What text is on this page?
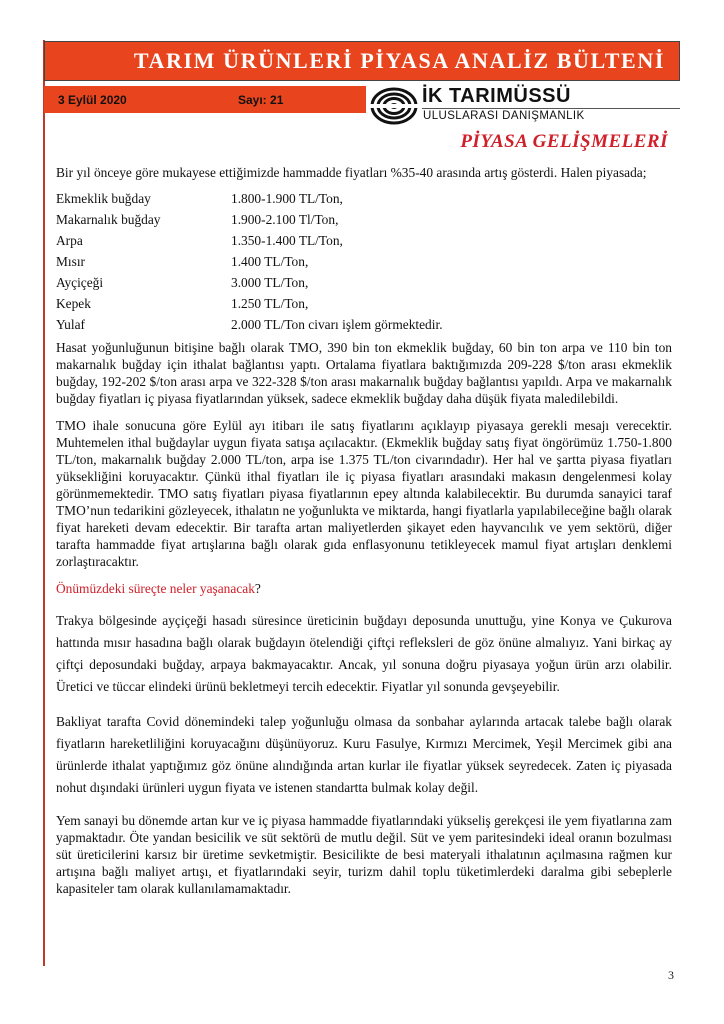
TARIM ÜRÜNLERİ PİYASA ANALİZ BÜLTENİ
3 Eylül 2020	Sayı: 21	İK TARIMÜSSÜ
ULUSLARASI DANIŞMANLIK
PİYASA GELİŞMELERİ

Bir yıl önceye göre mukayese ettiğimizde hammadde fiyatları %35-40 arasında artış gösterdi. Halen piyasada;

Ekmeklik buğday	1.800-1.900 TL/Ton,
Makarnalık buğday	1.900-2.100 Tl/Ton,
Arpa	1.350-1.400 TL/Ton,
Mısır	1.400 TL/Ton,
Ayçiçeği	3.000 TL/Ton,
Kepek	1.250 TL/Ton,
Yulaf	2.000 TL/Ton civarı işlem görmektedir.

Hasat yoğunluğunun bitişine bağlı olarak TMO, 390 bin ton ekmeklik buğday, 60 bin ton arpa ve 110 bin ton makarnalık buğday için ithalat bağlantısı yaptı. Ortalama fiyatlara baktığımızda 209-228 $/ton arası ekmeklik buğday, 192-202 $/ton arası arpa ve 322-328 $/ton arası makarnalık buğday bağlantısı yapıldı. Arpa ve makarnalık buğday fiyatları iç piyasa fiyatlarından yüksek, sadece ekmeklik buğday daha düşük fiyata maledilebildi.

TMO ihale sonucuna göre Eylül ayı itibarı ile satış fiyatlarını açıklayıp piyasaya gerekli mesajı verecektir. Muhtemelen ithal buğdaylar uygun fiyata satışa açılacaktır. (Ekmeklik buğday satış fiyat öngörümüz 1.750-1.800 TL/ton, makarnalık buğday 2.000 TL/ton, arpa ise 1.375 TL/ton civarındadır). Her hal ve şartta piyasa fiyatları yüksekliğini koruyacaktır. Çünkü ithal fiyatları ile iç piyasa fiyatları arasındaki makasın dengelenmesi kolay görünmemektedir. TMO satış fiyatları piyasa fiyatlarının epey altında kalabilecektir. Bu durumda sanayici taraf TMO’nun tedarikini gözleyecek, ithalatın ne yoğunlukta ve miktarda, hangi fiyatlarla yapılabileceğine bağlı olarak fiyat hareketi devam edecektir. Bir tarafta artan maliyetlerden şikayet eden hayvancılık ve yem sektörü, diğer tarafta hammadde fiyat artışlarına bağlı olarak gıda enflasyonunu tetikleyecek mamul fiyat artışları denklemi zorlaştıracaktır.

Önümüzdeki süreçte neler yaşanacak?

Trakya bölgesinde ayçiçeği hasadı süresince üreticinin buğdayı deposunda unuttuğu, yine Konya ve Çukurova hattında mısır hasadına bağlı olarak buğdayın ötelendiği çiftçi refleksleri de göz önüne almalıyız. Yani birkaç ay çiftçi deposundaki buğday, arpaya bakmayacaktır. Ancak, yıl sonuna doğru piyasaya yoğun ürün arzı olabilir. Üretici ve tüccar elindeki ürünü bekletmeyi tercih edecektir. Fiyatlar yıl sonunda gevşeyebilir.

Bakliyat tarafta Covid dönemindeki talep yoğunluğu olmasa da sonbahar aylarında artacak talebe bağlı olarak fiyatların hareketliliğini koruyacağını düşünüyoruz. Kuru Fasulye, Kırmızı Mercimek, Yeşil Mercimek gibi ana ürünlerde ithalat yaptığımız göz önüne alındığında artan kurlar ile fiyatlar yüksek seyredecek. Zaten iç piyasada nohut dışındaki ürünleri uygun fiyata ve istenen standartta bulmak kolay değil.

Yem sanayi bu dönemde artan kur ve iç piyasa hammadde fiyatlarındaki yükseliş gerekçesi ile yem fiyatlarına zam yapmaktadır. Öte yandan besicilik ve süt sektörü de mutlu değil. Süt ve yem paritesindeki ideal oranın bozulması süt üreticilerini karsız bir üretime sevketmiştir. Besicilikte de besi materyali ithalatının açılmasına rağmen kur artışına bağlı maliyet artışı, et fiyatlarındaki seyir, turizm dahil toplu tüketimlerdeki daralma gibi sebeplerle kapasiteler tam olarak kullanılamamaktadır.

3
